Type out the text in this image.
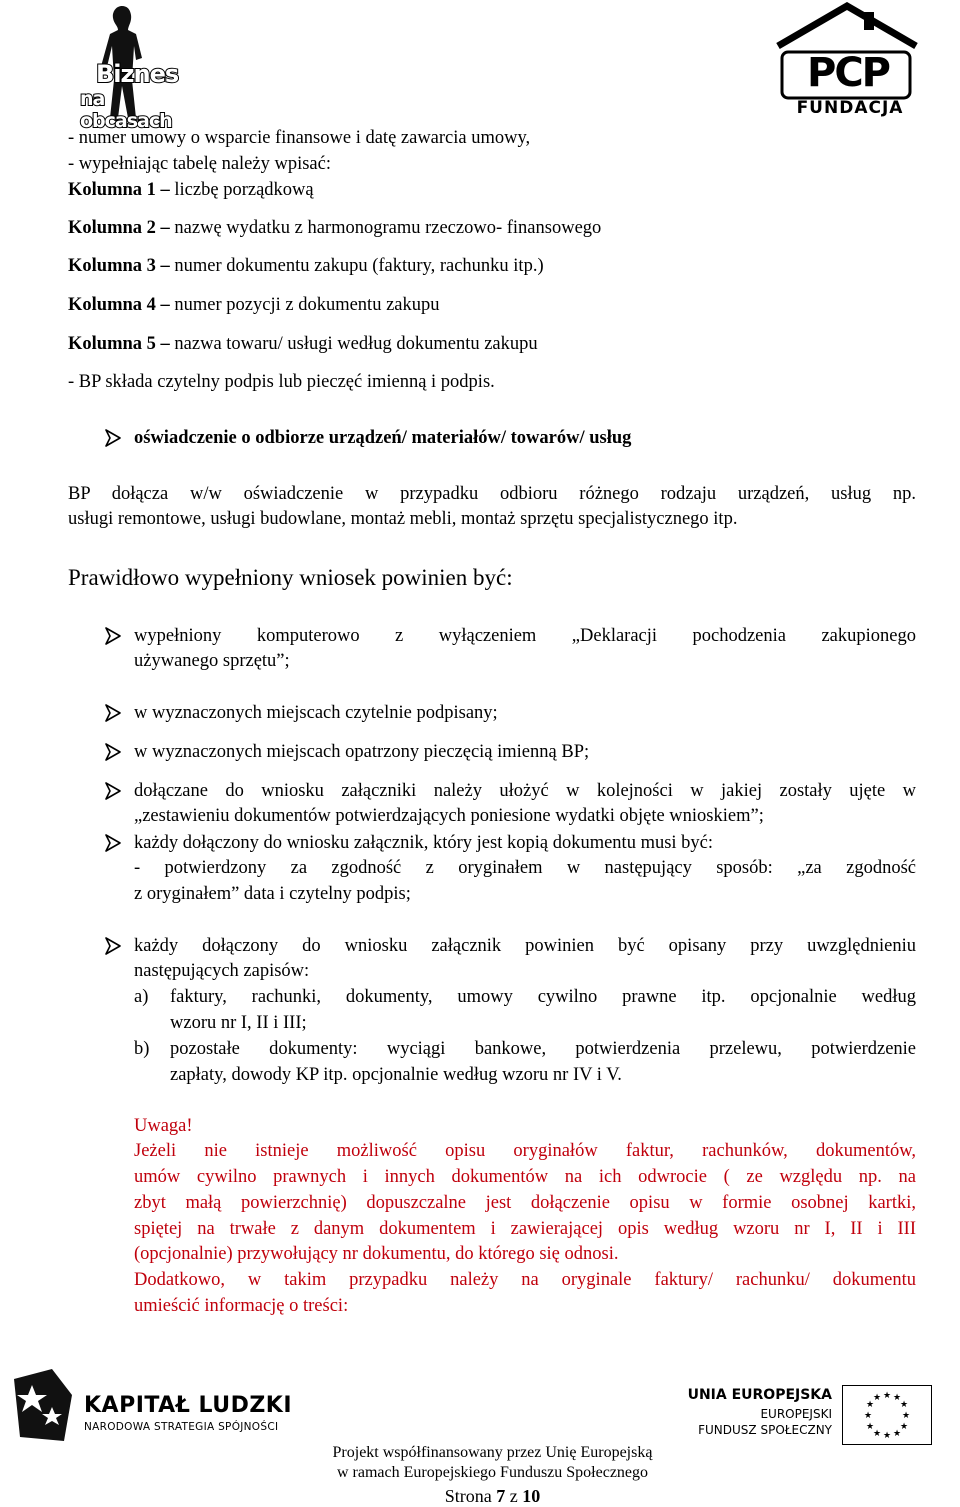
Biznes
na obcasach
PCP
FUNDACJA
- numer umowy o wsparcie finansowe i datę zawarcia umowy,
- wypełniając tabelę należy wpisać:
Kolumna 1 – liczbę porządkową
Kolumna 2 – nazwę wydatku z harmonogramu rzeczowo- finansowego
Kolumna 3 – numer dokumentu zakupu (faktury, rachunku itp.)
Kolumna 4 – numer pozycji z dokumentu zakupu
Kolumna 5 – nazwa towaru/ usługi według dokumentu zakupu
- BP składa czytelny podpis lub pieczęć imienną i podpis.
oświadczenie o odbiorze urządzeń/ materiałów/ towarów/ usług
BP dołącza w/w oświadczenie w przypadku odbioru różnego rodzaju urządzeń, usług np.
usługi remontowe, usługi budowlane, montaż mebli, montaż sprzętu specjalistycznego itp.
Prawidłowo wypełniony wniosek powinien być:
wypełniony komputerowo z wyłączeniem „Deklaracji pochodzenia zakupionego
używanego sprzętu”;
w wyznaczonych miejscach czytelnie podpisany;
w wyznaczonych miejscach opatrzony pieczęcią imienną BP;
dołączane do wniosku załączniki należy ułożyć w kolejności w jakiej zostały ujęte w
„zestawieniu dokumentów potwierdzających poniesione wydatki objęte wnioskiem”;
każdy dołączony do wniosku załącznik, który jest kopią dokumentu musi być:
- potwierdzony za zgodność z oryginałem w następujący sposób: „za zgodność
z oryginałem” data i czytelny podpis;
każdy dołączony do wniosku załącznik powinien być opisany przy uwzględnieniu
następujących zapisów:
a) faktury, rachunki, dokumenty, umowy cywilno prawne itp. opcjonalnie według
wzoru nr I, II i III;
b) pozostałe dokumenty: wyciągi bankowe, potwierdzenia przelewu, potwierdzenie
zapłaty, dowody KP itp. opcjonalnie według wzoru nr IV i V.
Uwaga!
Jeżeli nie istnieje możliwość opisu oryginałów faktur, rachunków, dokumentów,
umów cywilno prawnych i innych dokumentów na ich odwrocie ( ze względu np. na
zbyt małą powierzchnię) dopuszczalne jest dołączenie opisu w formie osobnej kartki,
spiętej na trwałe z danym dokumentem i zawierającej opis według wzoru nr I, II i III
(opcjonalnie) przywołujący nr dokumentu, do którego się odnosi.
Dodatkowo, w takim przypadku należy na oryginale faktury/ rachunku/ dokumentu
umieścić informację o treści:
KAPITAŁ LUDZKI
NARODOWA STRATEGIA SPÓJNOŚCI
UNIA EUROPEJSKA
EUROPEJSKI
FUNDUSZ SPOŁECZNY
★ ★
★
★
★
★
★
★
★
★
★
★
Projekt współfinansowany przez Unię Europejską
w ramach Europejskiego Funduszu Społecznego
Strona 7 z 10
